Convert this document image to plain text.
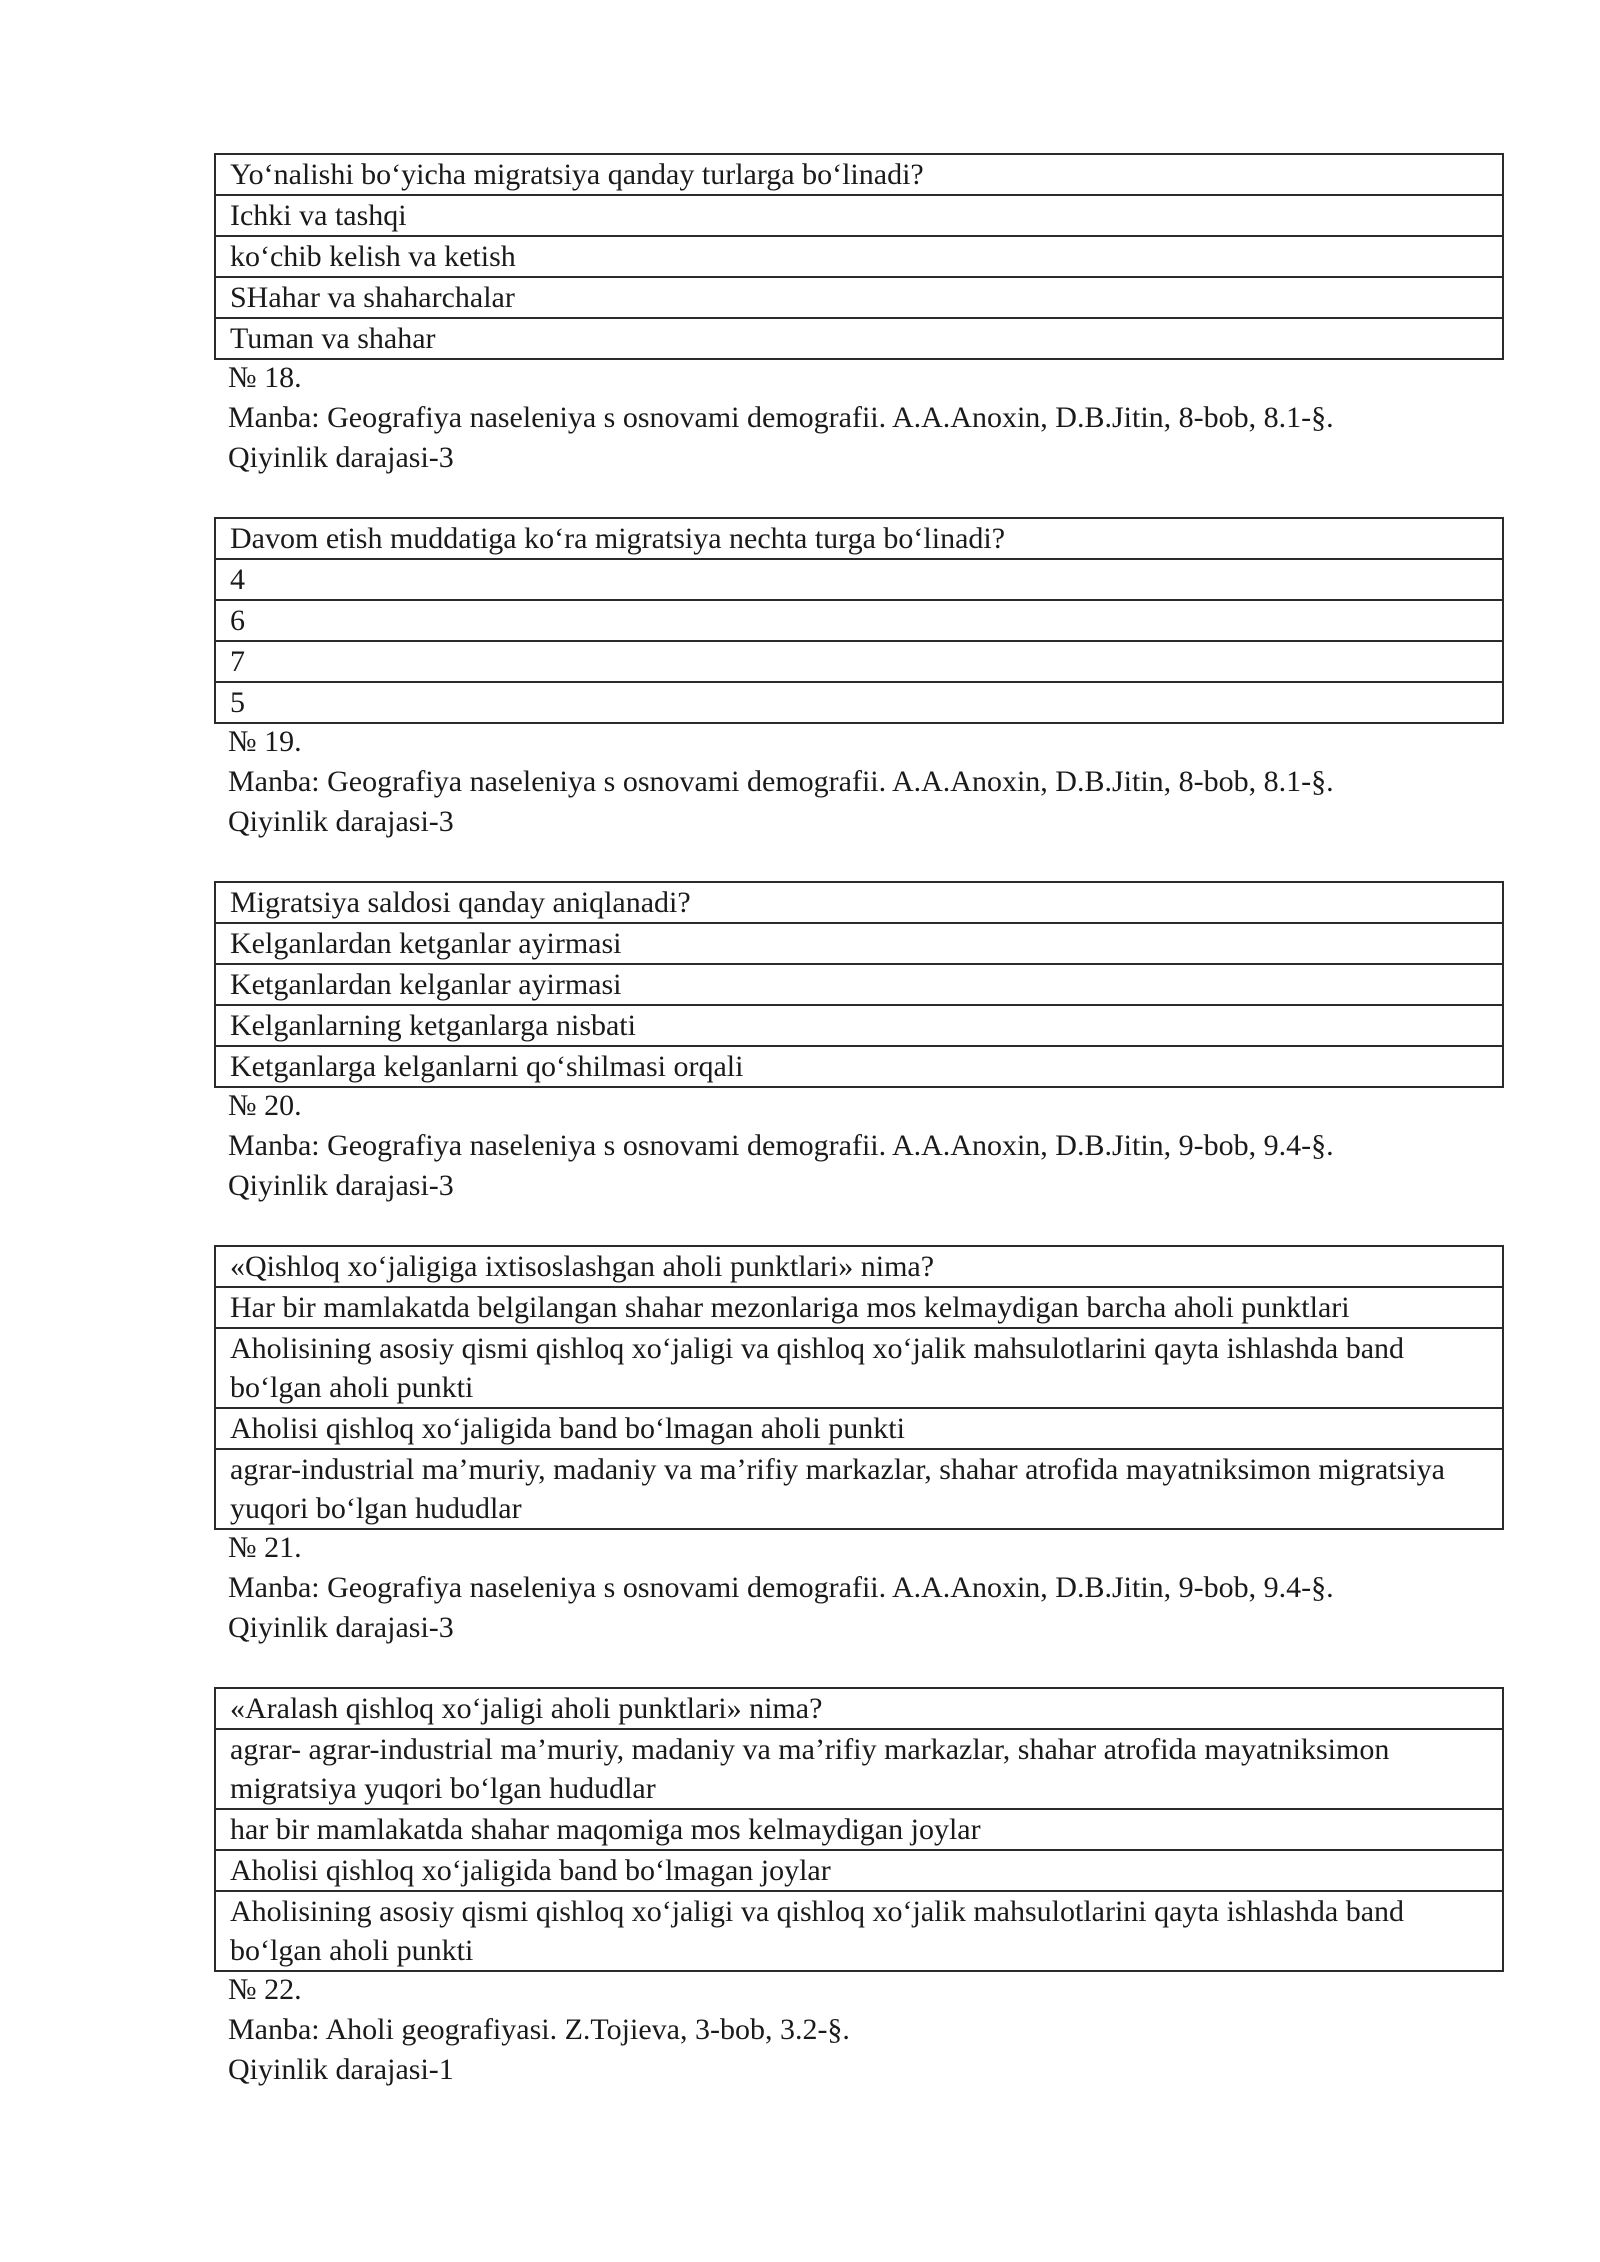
Yo‘nalishi bo‘yicha migratsiya qanday turlarga bo‘linadi?
Ichki va tashqi
ko‘chib kelish va ketish
SHahar va shaharchalar
Tuman va shahar
№ 18.
Manba: Geografiya naseleniya s osnovami demografii. A.A.Anoxin, D.B.Jitin, 8-bob, 8.1-§.
Qiyinlik darajasi-3
Davom etish muddatiga ko‘ra migratsiya nechta turga bo‘linadi?
4
6
7
5
№ 19.
Manba: Geografiya naseleniya s osnovami demografii. A.A.Anoxin, D.B.Jitin, 8-bob, 8.1-§.
Qiyinlik darajasi-3
Migratsiya saldosi qanday aniqlanadi?
Kelganlardan ketganlar ayirmasi
Ketganlardan kelganlar ayirmasi
Kelganlarning ketganlarga nisbati
Ketganlarga kelganlarni qo‘shilmasi orqali
№ 20.
Manba: Geografiya naseleniya s osnovami demografii. A.A.Anoxin, D.B.Jitin, 9-bob, 9.4-§.
Qiyinlik darajasi-3
«Qishloq xo‘jaligiga ixtisoslashgan aholi punktlari» nima?
Har bir mamlakatda belgilangan shahar mezonlariga mos kelmaydigan barcha aholi punktlari
Aholisining asosiy qismi qishloq xo‘jaligi va qishloq xo‘jalik mahsulotlarini qayta ishlashda band bo‘lgan aholi punkti
Aholisi qishloq xo‘jaligida band bo‘lmagan aholi punkti
agrar-industrial ma’muriy, madaniy va ma’rifiy markazlar, shahar atrofida mayatniksimon migratsiya yuqori bo‘lgan hududlar
№ 21.
Manba: Geografiya naseleniya s osnovami demografii. A.A.Anoxin, D.B.Jitin, 9-bob, 9.4-§.
Qiyinlik darajasi-3
«Aralash qishloq xo‘jaligi aholi punktlari» nima?
agrar- agrar-industrial ma’muriy, madaniy va ma’rifiy markazlar, shahar atrofida mayatniksimon migratsiya yuqori bo‘lgan hududlar
har bir mamlakatda shahar maqomiga mos kelmaydigan joylar
Aholisi qishloq xo‘jaligida band bo‘lmagan joylar
Aholisining asosiy qismi qishloq xo‘jaligi va qishloq xo‘jalik mahsulotlarini qayta ishlashda band bo‘lgan aholi punkti
№ 22.
Manba: Aholi geografiyasi. Z.Tojieva, 3-bob, 3.2-§.
Qiyinlik darajasi-1
